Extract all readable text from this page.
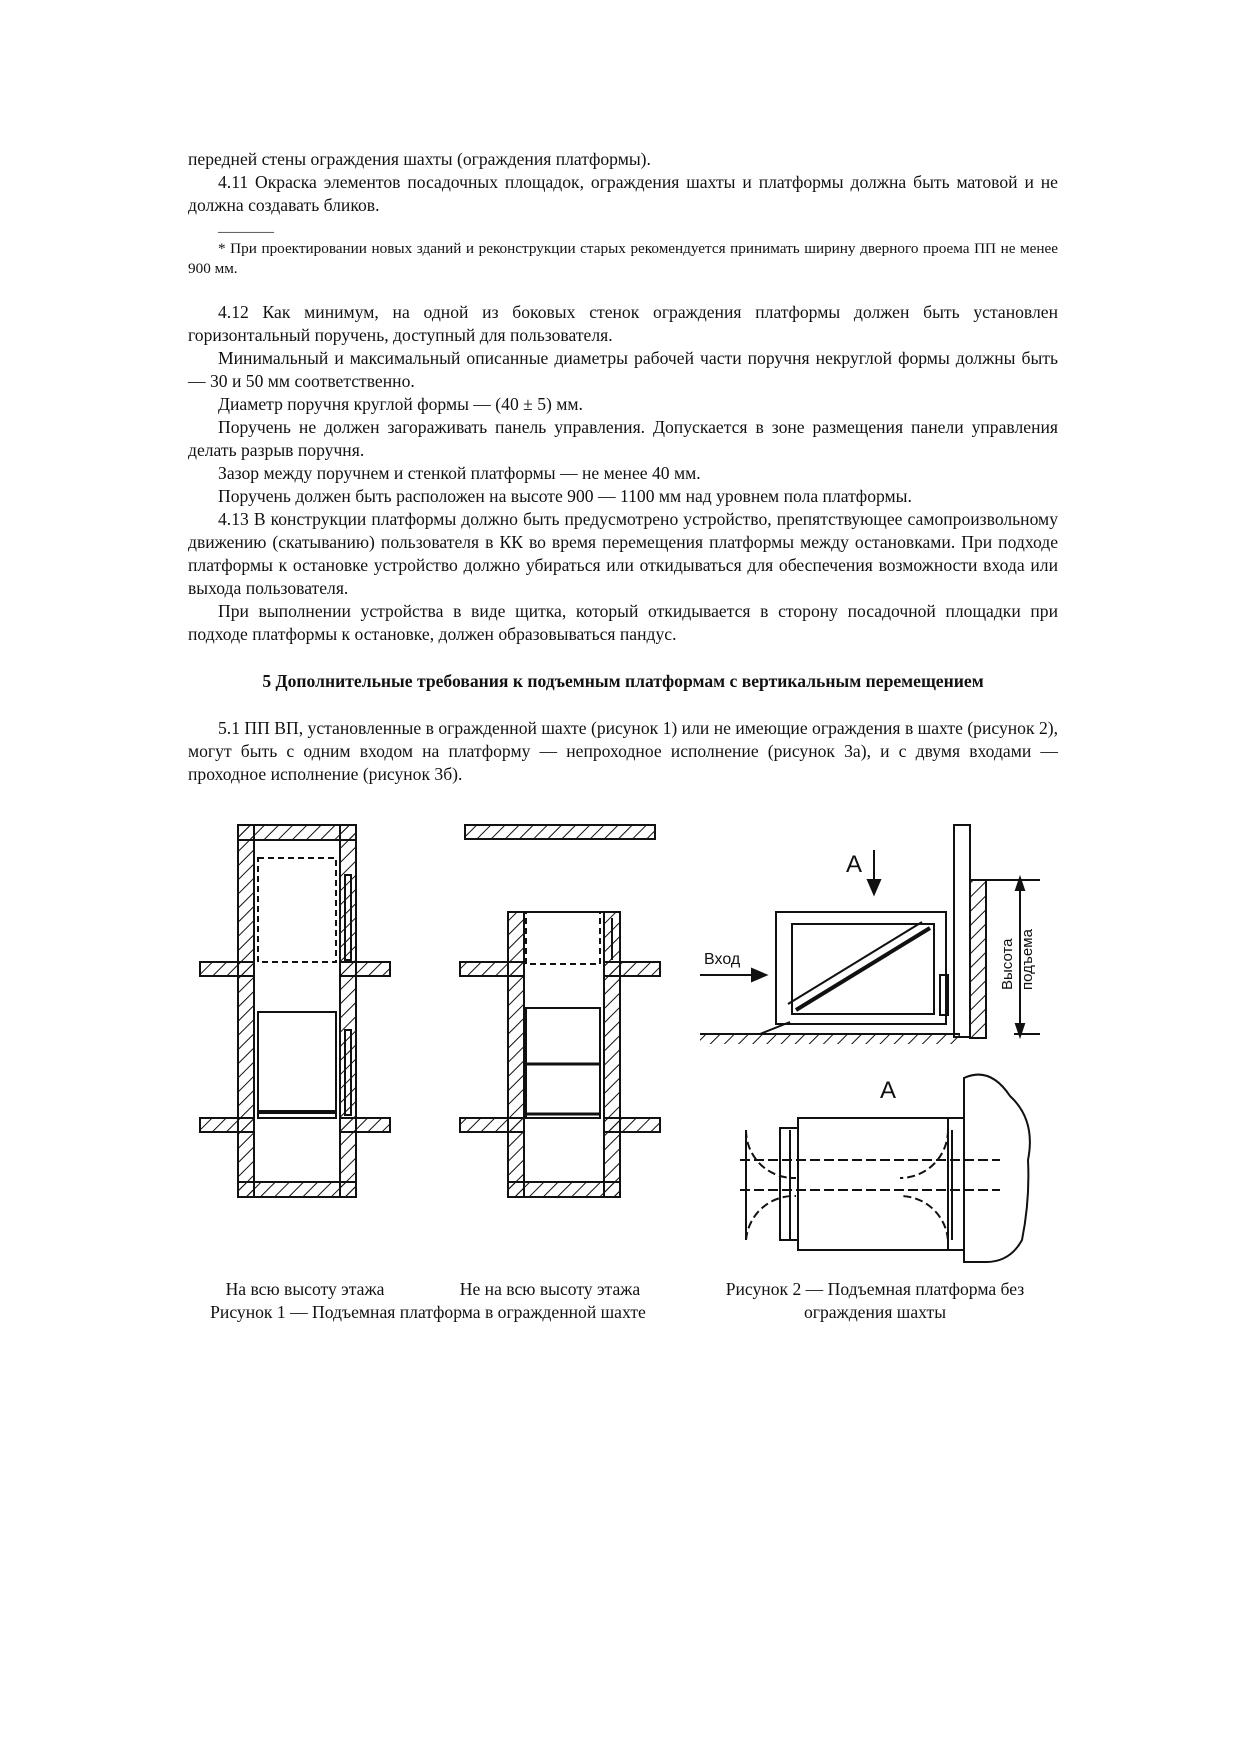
передней стены ограждения шахты (ограждения платформы).

4.11 Окраска элементов посадочных площадок, ограждения шахты и платформы должна быть матовой и не должна создавать бликов.

________

* При проектировании новых зданий и реконструкции старых рекомендуется принимать ширину дверного проема ПП не менее 900 мм.

4.12 Как минимум, на одной из боковых стенок ограждения платформы должен быть установлен горизонтальный поручень, доступный для пользователя.

Минимальный и максимальный описанные диаметры рабочей части поручня некруглой формы должны быть — 30 и 50 мм соответственно.

Диаметр поручня круглой формы — (40 ± 5) мм.

Поручень не должен загораживать панель управления. Допускается в зоне размещения панели управления делать разрыв поручня.

Зазор между поручнем и стенкой платформы — не менее 40 мм.

Поручень должен быть расположен на высоте 900 — 1100 мм над уровнем пола платформы.

4.13 В конструкции платформы должно быть предусмотрено устройство, препятствующее самопроизвольному движению (скатыванию) пользователя в КК во время перемещения платформы между остановками. При подходе платформы к остановке устройство должно убираться или откидываться для обеспечения возможности входа или выхода пользователя.

При выполнении устройства в виде щитка, который откидывается в сторону посадочной площадки при подходе платформы к остановке, должен образовываться пандус.

5 Дополнительные требования к подъемным платформам с вертикальным перемещением

5.1 ПП ВП, установленные в огражденной шахте (рисунок 1) или не имеющие ограждения в шахте (рисунок 2), могут быть с одним входом на платформу — непроходное исполнение (рисунок 3а), и с двумя входами — проходное исполнение (рисунок 3б).

А
Вход	Высота подъема
А
На всю высоту этажа	Не на всю высоту этажа
Рисунок 1 — Подъемная платформа в огражденной шахте
Рисунок 2 — Подъемная платформа без ограждения шахты
